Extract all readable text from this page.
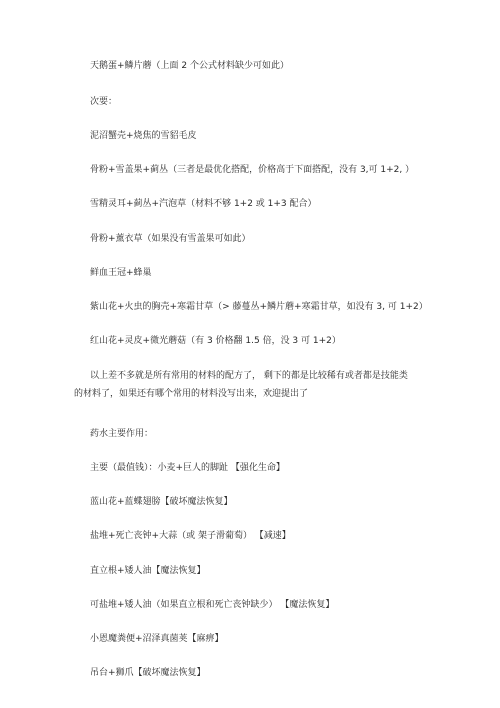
天鹅蛋+鳞片蘑（上面 2 个公式材料缺少可如此）
次要：
泥沼蟹壳+烧焦的雪貂毛皮
骨粉+雪盖果+蓟丛（三者是最优化搭配，价格高于下面搭配，没有 3,可 1+2, ）
雪精灵耳+蓟丛+汽泡草（材料不够 1+2 或 1+3 配合）
骨粉+薰衣草（如果没有雪盖果可如此）
鲜血王冠+蜂巢
紫山花+火虫的胸壳+寒霜甘草（> 藤蔓丛+鳞片蘑+寒霜甘草，如没有 3, 可 1+2）
红山花+灵皮+微光蘑菇（有 3 价格翻 1.5 倍，没 3 可 1+2）
以上差不多就是所有常用的材料的配方了， 剩下的都是比较稀有或者都是技能类的材料了，如果还有哪个常用的材料没写出来，欢迎提出了
药水主要作用：
主要（最值钱）：小麦+巨人的脚趾 【强化生命】
蓝山花+蓝蝶翅膀【破坏魔法恢复】
盐堆+死亡丧钟+大蒜（或 架子滑葡萄） 【减速】
直立根+矮人油【魔法恢复】
可盐堆+矮人油（如果直立根和死亡丧钟缺少） 【魔法恢复】
小恩魔粪便+沼泽真菌荚【麻痹】
吊台+狮爪【破坏魔法恢复】
